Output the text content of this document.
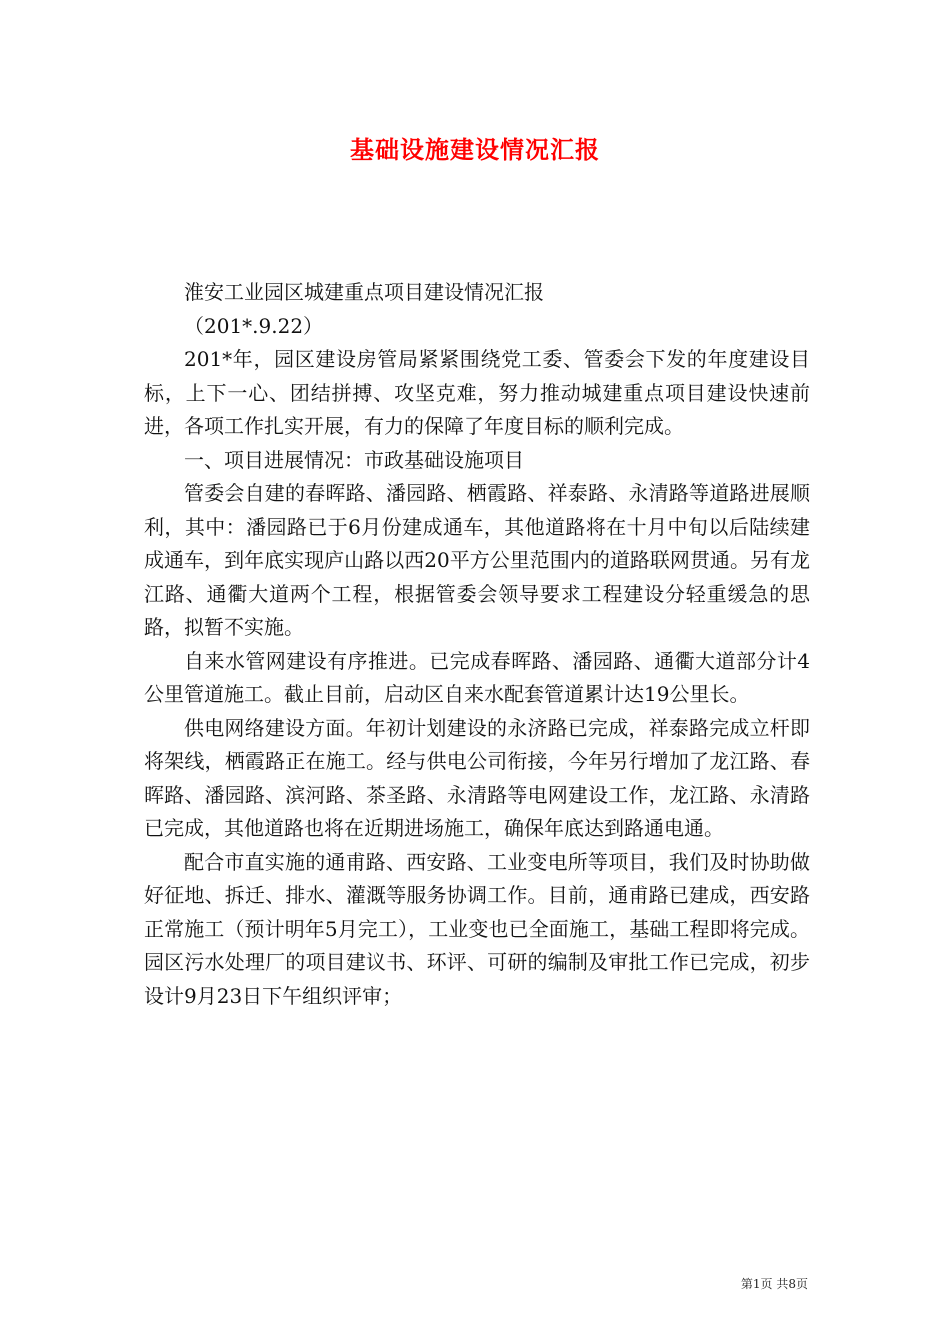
基础设施建设情况汇报

淮安工业园区城建重点项目建设情况汇报

（201*.9.22）

201*年，园区建设房管局紧紧围绕党工委、管委会下发的年度建设目标，上下一心、团结拼搏、攻坚克难，努力推动城建重点项目建设快速前进，各项工作扎实开展，有力的保障了年度目标的顺利完成。

一、项目进展情况：市政基础设施项目

管委会自建的春晖路、潘园路、栖霞路、祥泰路、永清路等道路进展顺利，其中：潘园路已于6月份建成通车，其他道路将在十月中旬以后陆续建成通车，到年底实现庐山路以西20平方公里范围内的道路联网贯通。另有龙江路、通衢大道两个工程，根据管委会领导要求工程建设分轻重缓急的思路，拟暂不实施。

自来水管网建设有序推进。已完成春晖路、潘园路、通衢大道部分计4公里管道施工。截止目前，启动区自来水配套管道累计达19公里长。

供电网络建设方面。年初计划建设的永济路已完成，祥泰路完成立杆即将架线，栖霞路正在施工。经与供电公司衔接，今年另行增加了龙江路、春晖路、潘园路、滨河路、茶圣路、永清路等电网建设工作，龙江路、永清路已完成，其他道路也将在近期进场施工，确保年底达到路通电通。

配合市直实施的通甫路、西安路、工业变电所等项目，我们及时协助做好征地、拆迁、排水、灌溉等服务协调工作。目前，通甫路已建成，西安路正常施工（预计明年5月完工），工业变也已全面施工，基础工程即将完成。园区污水处理厂的项目建议书、环评、可研的编制及审批工作已完成，初步设计9月23日下午组织评审；

第1页 共8页
